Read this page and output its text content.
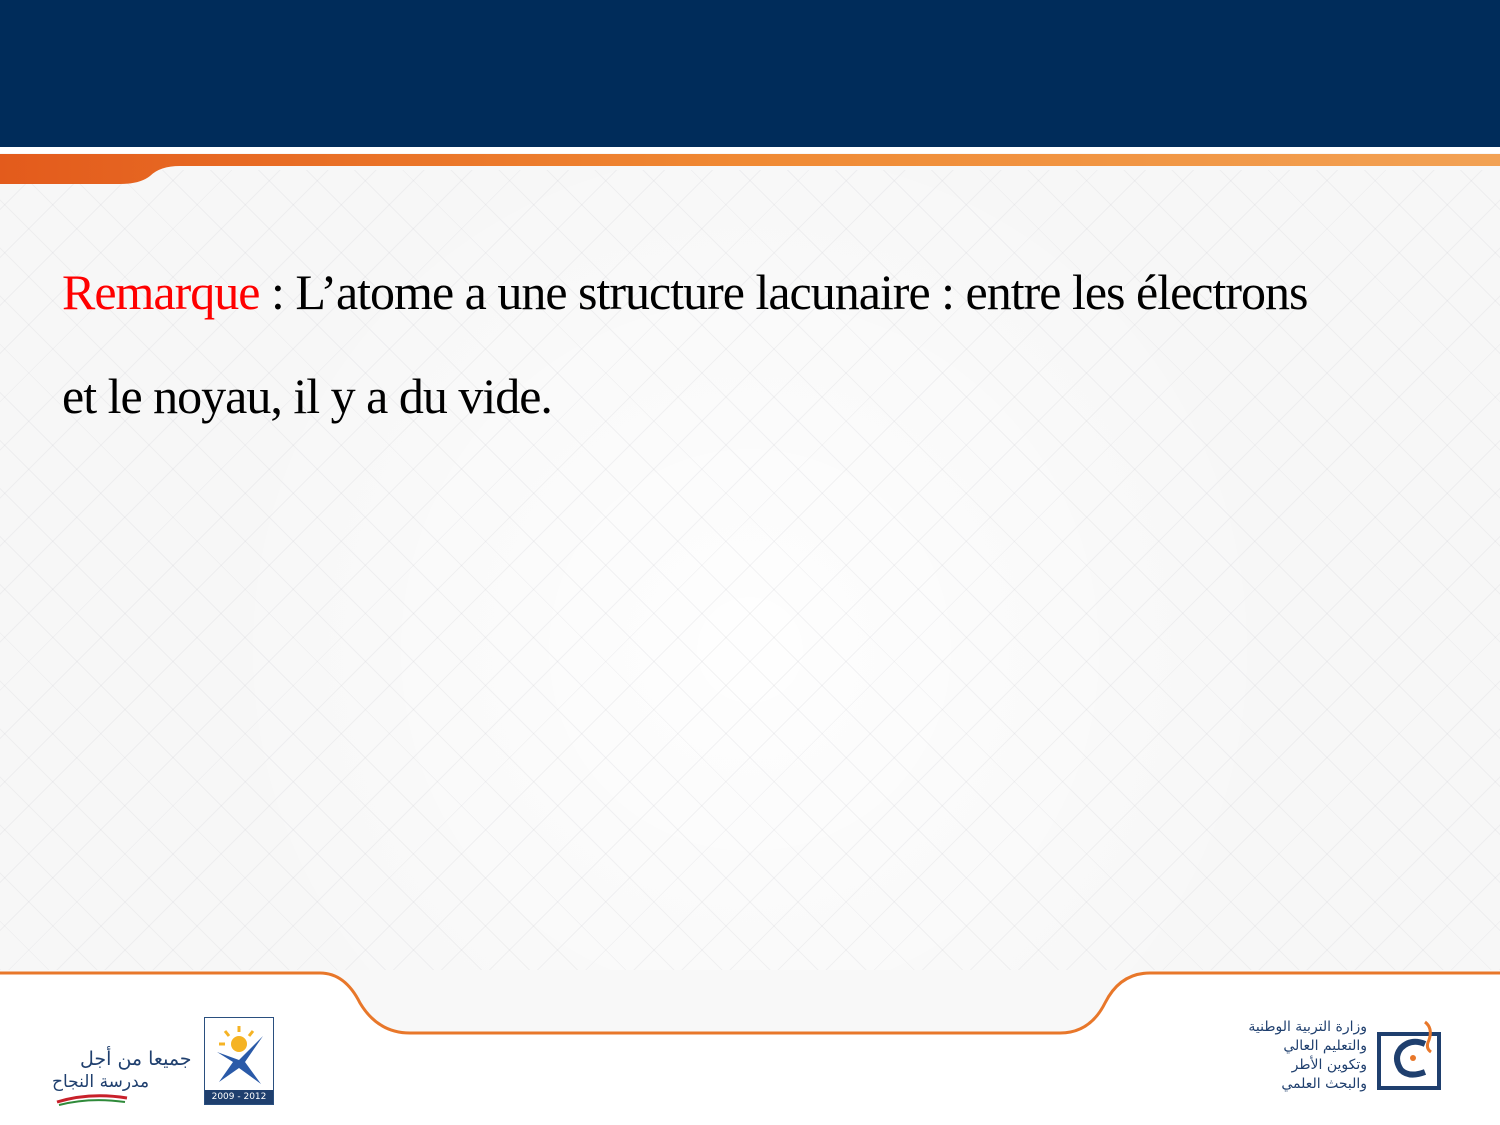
Remarque : L’atome a une structure lacunaire : entre les électrons
et le noyau, il y a du vide.
جميعا من أجل
مدرسة النجاح
2009 - 2012
وزارة التربية الوطنية
والتعليم العالي
وتكوين الأطر
والبحث العلمي
